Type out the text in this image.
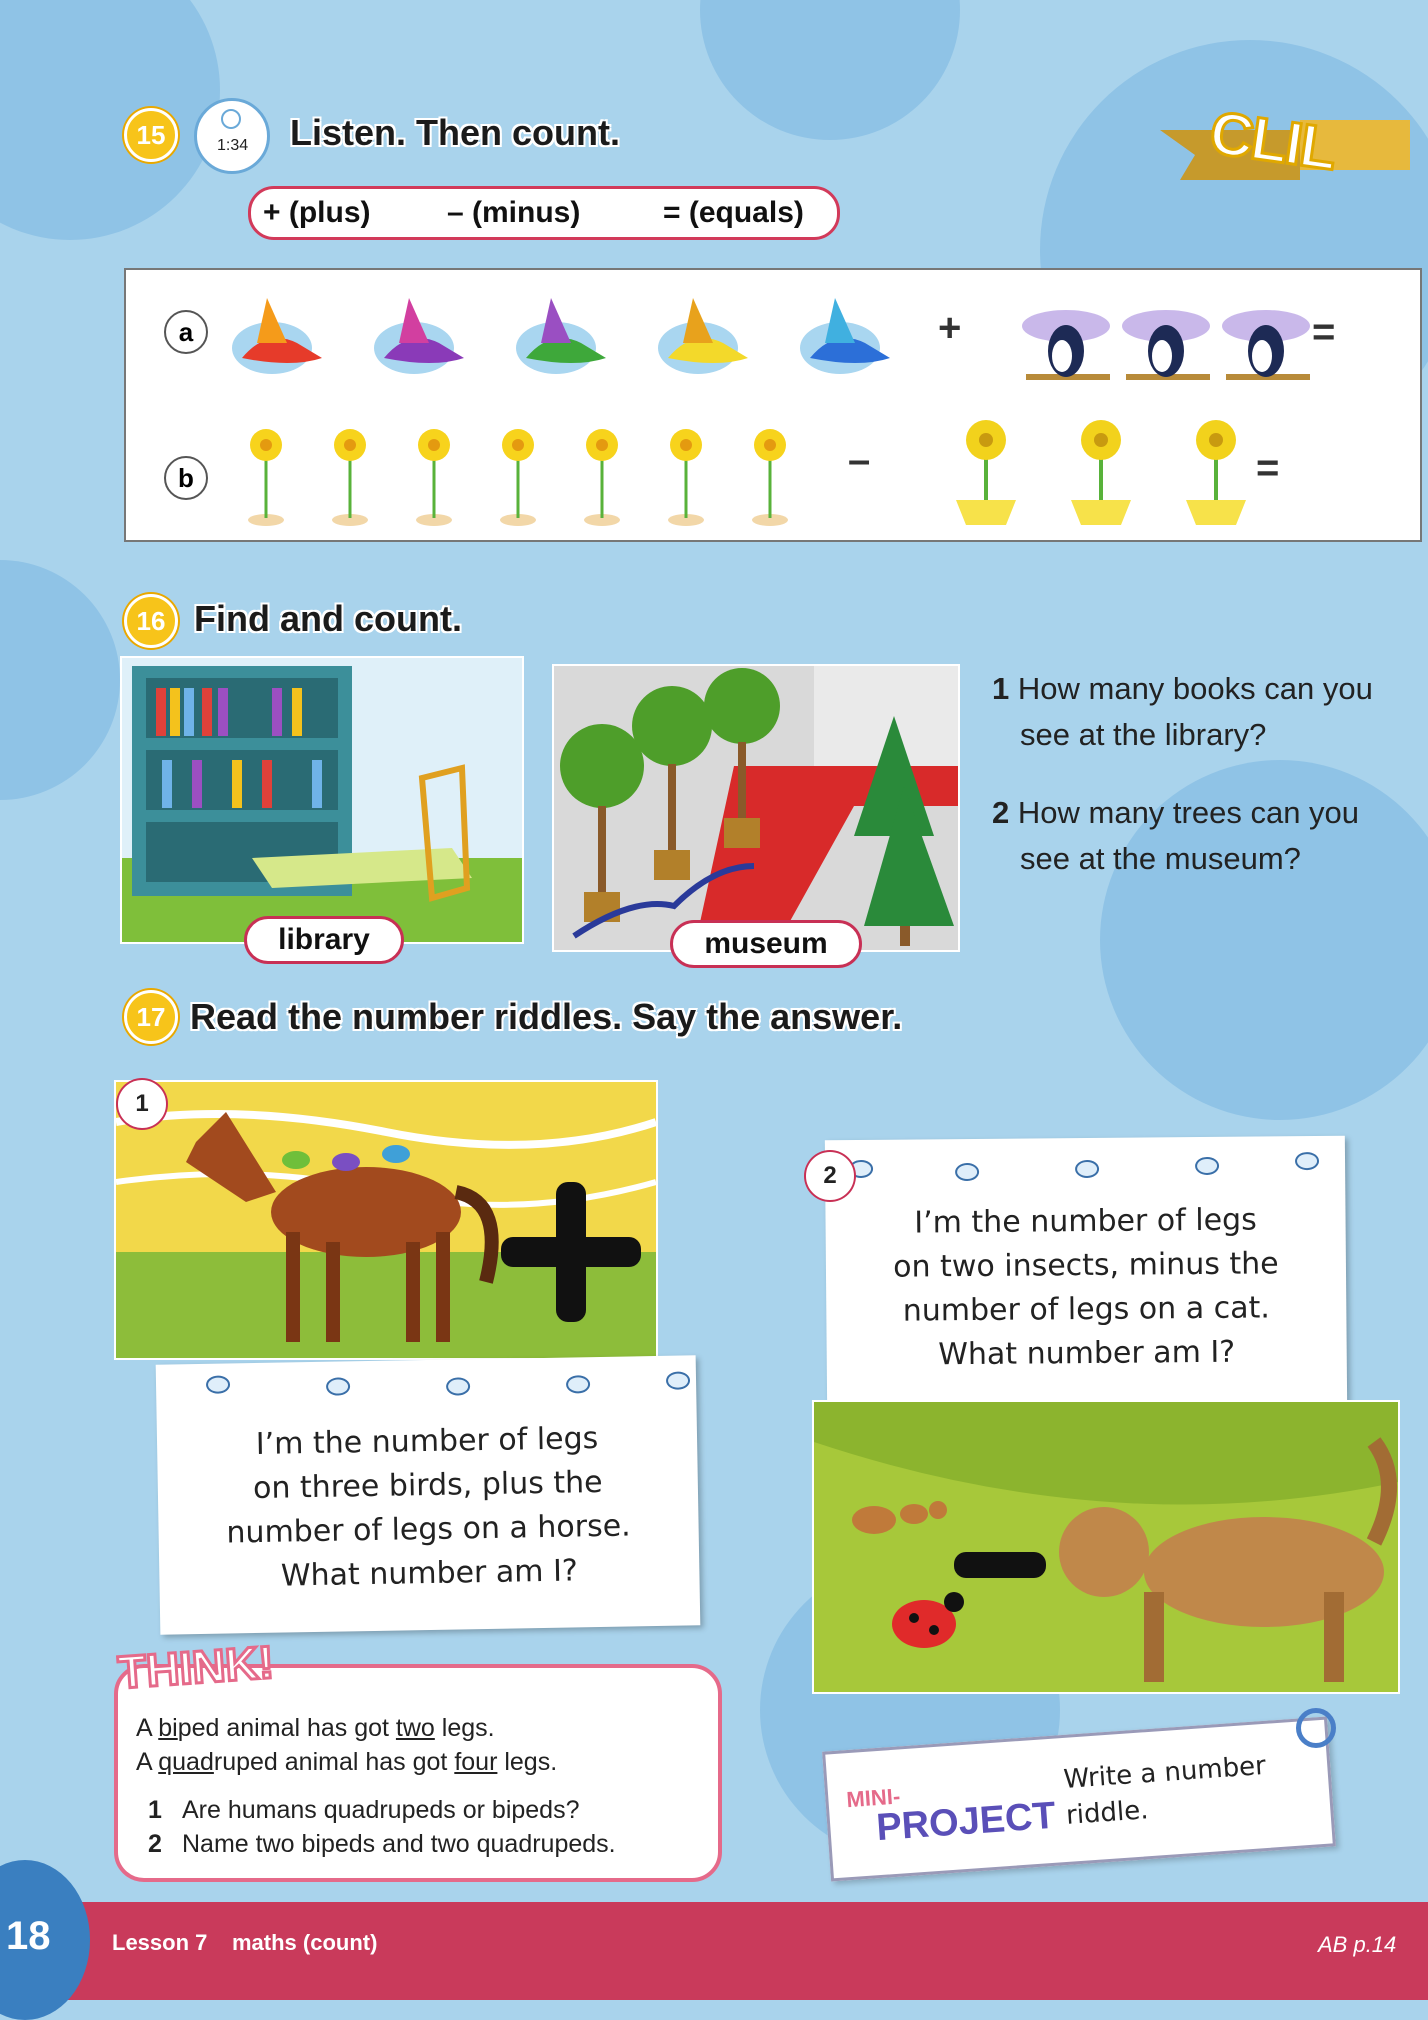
CLIL
15	1:34 Listen. Then count.
+ (plus)	– (minus)	= (equals)
a	+	=
b	–	=
16 Find and count.
library	museum
1 How many books can you
see at the library?
2 How many trees can you
see at the museum?
17 Read the number riddles. Say the answer.
1
I’m the number of legs
on three birds, plus the
number of legs on a horse.
What number am I?
I’m the number of legs
on two insects, minus the
number of legs on a cat.
What number am I?
2
A biped animal has got two legs.
A quadruped animal has got four legs.
1 Are humans quadrupeds or bipeds?
2 Name two bipeds and two quadrupeds.
THINK!
MINI-
PROJECT
Write a number
riddle.
18	Lesson 7 maths (count)	AB p.14
